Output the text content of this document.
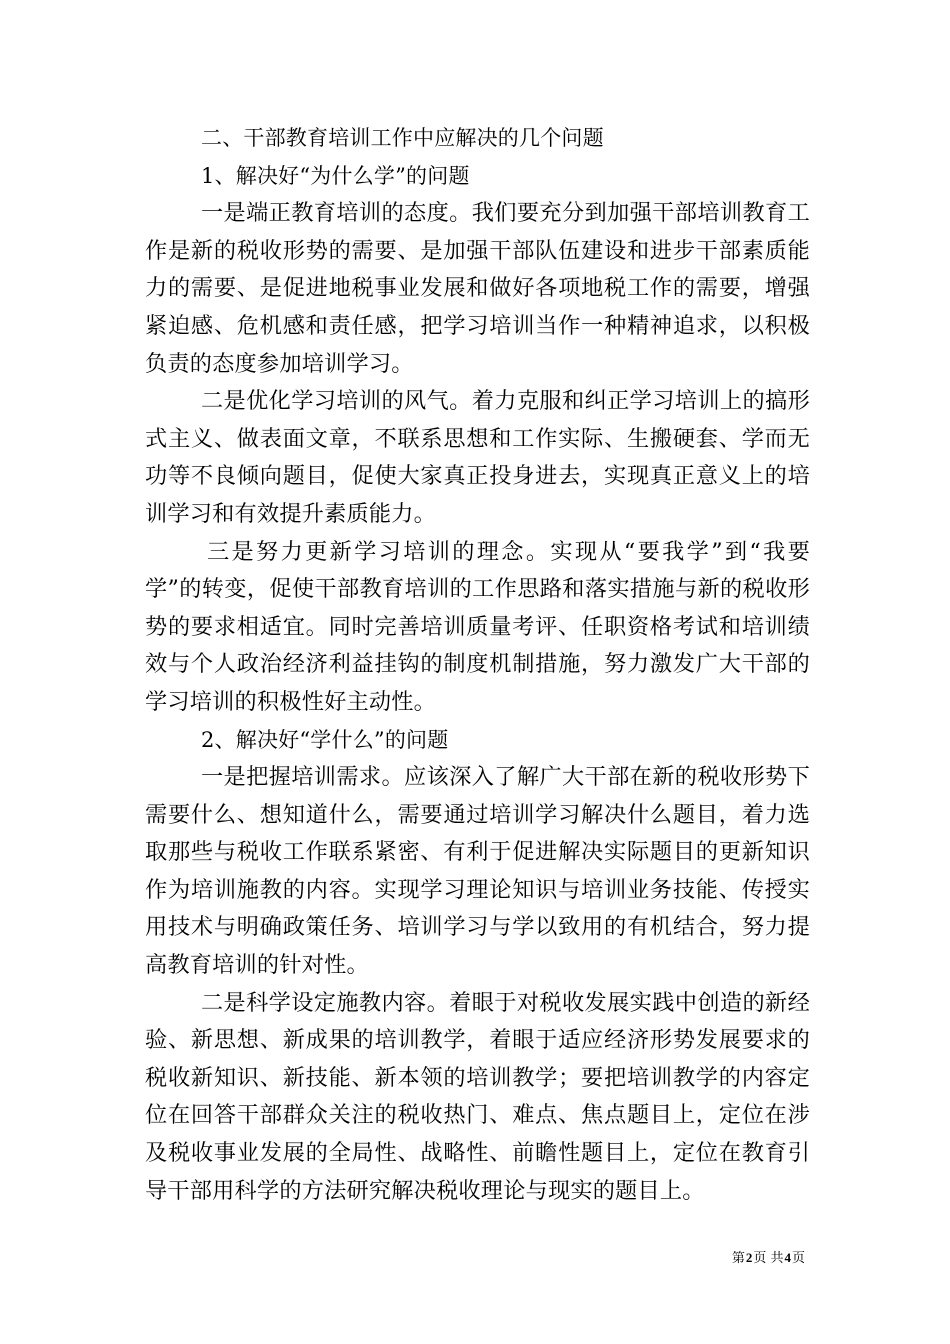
二、干部教育培训工作中应解决的几个问题

1、解决好“为什么学”的问题

一是端正教育培训的态度。我们要充分到加强干部培训教育工作是新的税收形势的需要、是加强干部队伍建设和进步干部素质能力的需要、是促进地税事业发展和做好各项地税工作的需要，增强紧迫感、危机感和责任感，把学习培训当作一种精神追求，以积极负责的态度参加培训学习。

二是优化学习培训的风气。着力克服和纠正学习培训上的搞形式主义、做表面文章，不联系思想和工作实际、生搬硬套、学而无功等不良倾向题目，促使大家真正投身进去，实现真正意义上的培训学习和有效提升素质能力。

三是努力更新学习培训的理念。实现从“要我学”到“我要学”的转变，促使干部教育培训的工作思路和落实措施与新的税收形势的要求相适宜。同时完善培训质量考评、任职资格考试和培训绩效与个人政治经济利益挂钩的制度机制措施，努力激发广大干部的学习培训的积极性好主动性。

2、解决好“学什么”的问题

一是把握培训需求。应该深入了解广大干部在新的税收形势下需要什么、想知道什么，需要通过培训学习解决什么题目，着力选取那些与税收工作联系紧密、有利于促进解决实际题目的更新知识作为培训施教的内容。实现学习理论知识与培训业务技能、传授实用技术与明确政策任务、培训学习与学以致用的有机结合，努力提高教育培训的针对性。

二是科学设定施教内容。着眼于对税收发展实践中创造的新经验、新思想、新成果的培训教学，着眼于适应经济形势发展要求的税收新知识、新技能、新本领的培训教学；要把培训教学的内容定位在回答干部群众关注的税收热门、难点、焦点题目上，定位在涉及税收事业发展的全局性、战略性、前瞻性题目上，定位在教育引导干部用科学的方法研究解决税收理论与现实的题目上。

第2页 共4页
